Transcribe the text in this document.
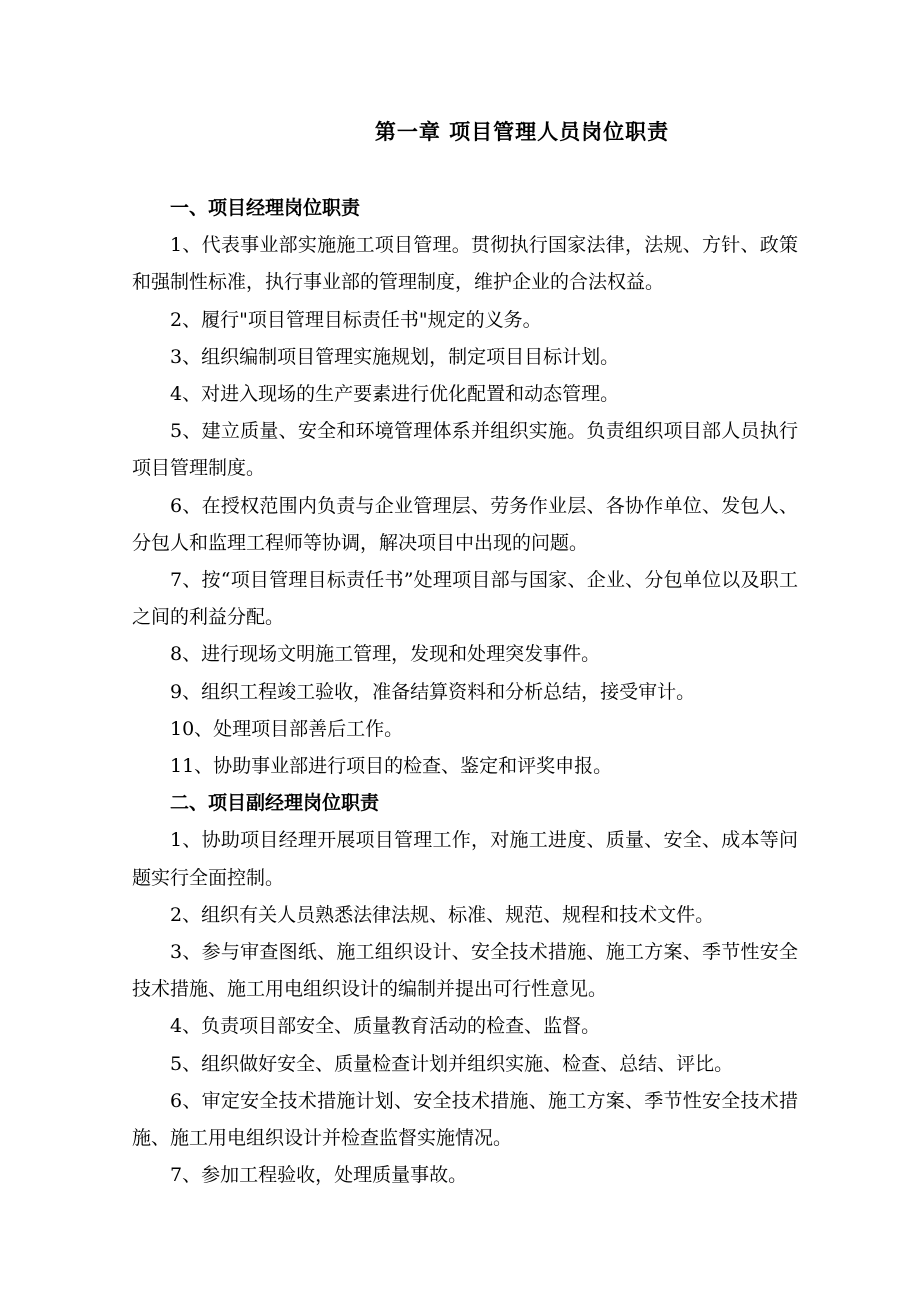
第一章 项目管理人员岗位职责

一、项目经理岗位职责

1、代表事业部实施施工项目管理。贯彻执行国家法律，法规、方针、政策和强制性标准，执行事业部的管理制度，维护企业的合法权益。

2、履行"项目管理目标责任书"规定的义务。

3、组织编制项目管理实施规划，制定项目目标计划。

4、对进入现场的生产要素进行优化配置和动态管理。

5、建立质量、安全和环境管理体系并组织实施。负责组织项目部人员执行项目管理制度。

6、在授权范围内负责与企业管理层、劳务作业层、各协作单位、发包人、分包人和监理工程师等协调，解决项目中出现的问题。

7、按“项目管理目标责任书”处理项目部与国家、企业、分包单位以及职工之间的利益分配。

8、进行现场文明施工管理，发现和处理突发事件。

9、组织工程竣工验收，准备结算资料和分析总结，接受审计。

10、处理项目部善后工作。

11、协助事业部进行项目的检查、鉴定和评奖申报。

二、项目副经理岗位职责

1、协助项目经理开展项目管理工作，对施工进度、质量、安全、成本等问题实行全面控制。

2、组织有关人员熟悉法律法规、标准、规范、规程和技术文件。

3、参与审查图纸、施工组织设计、安全技术措施、施工方案、季节性安全技术措施、施工用电组织设计的编制并提出可行性意见。

4、负责项目部安全、质量教育活动的检查、监督。

5、组织做好安全、质量检查计划并组织实施、检查、总结、评比。

6、审定安全技术措施计划、安全技术措施、施工方案、季节性安全技术措施、施工用电组织设计并检查监督实施情况。

7、参加工程验收，处理质量事故。
